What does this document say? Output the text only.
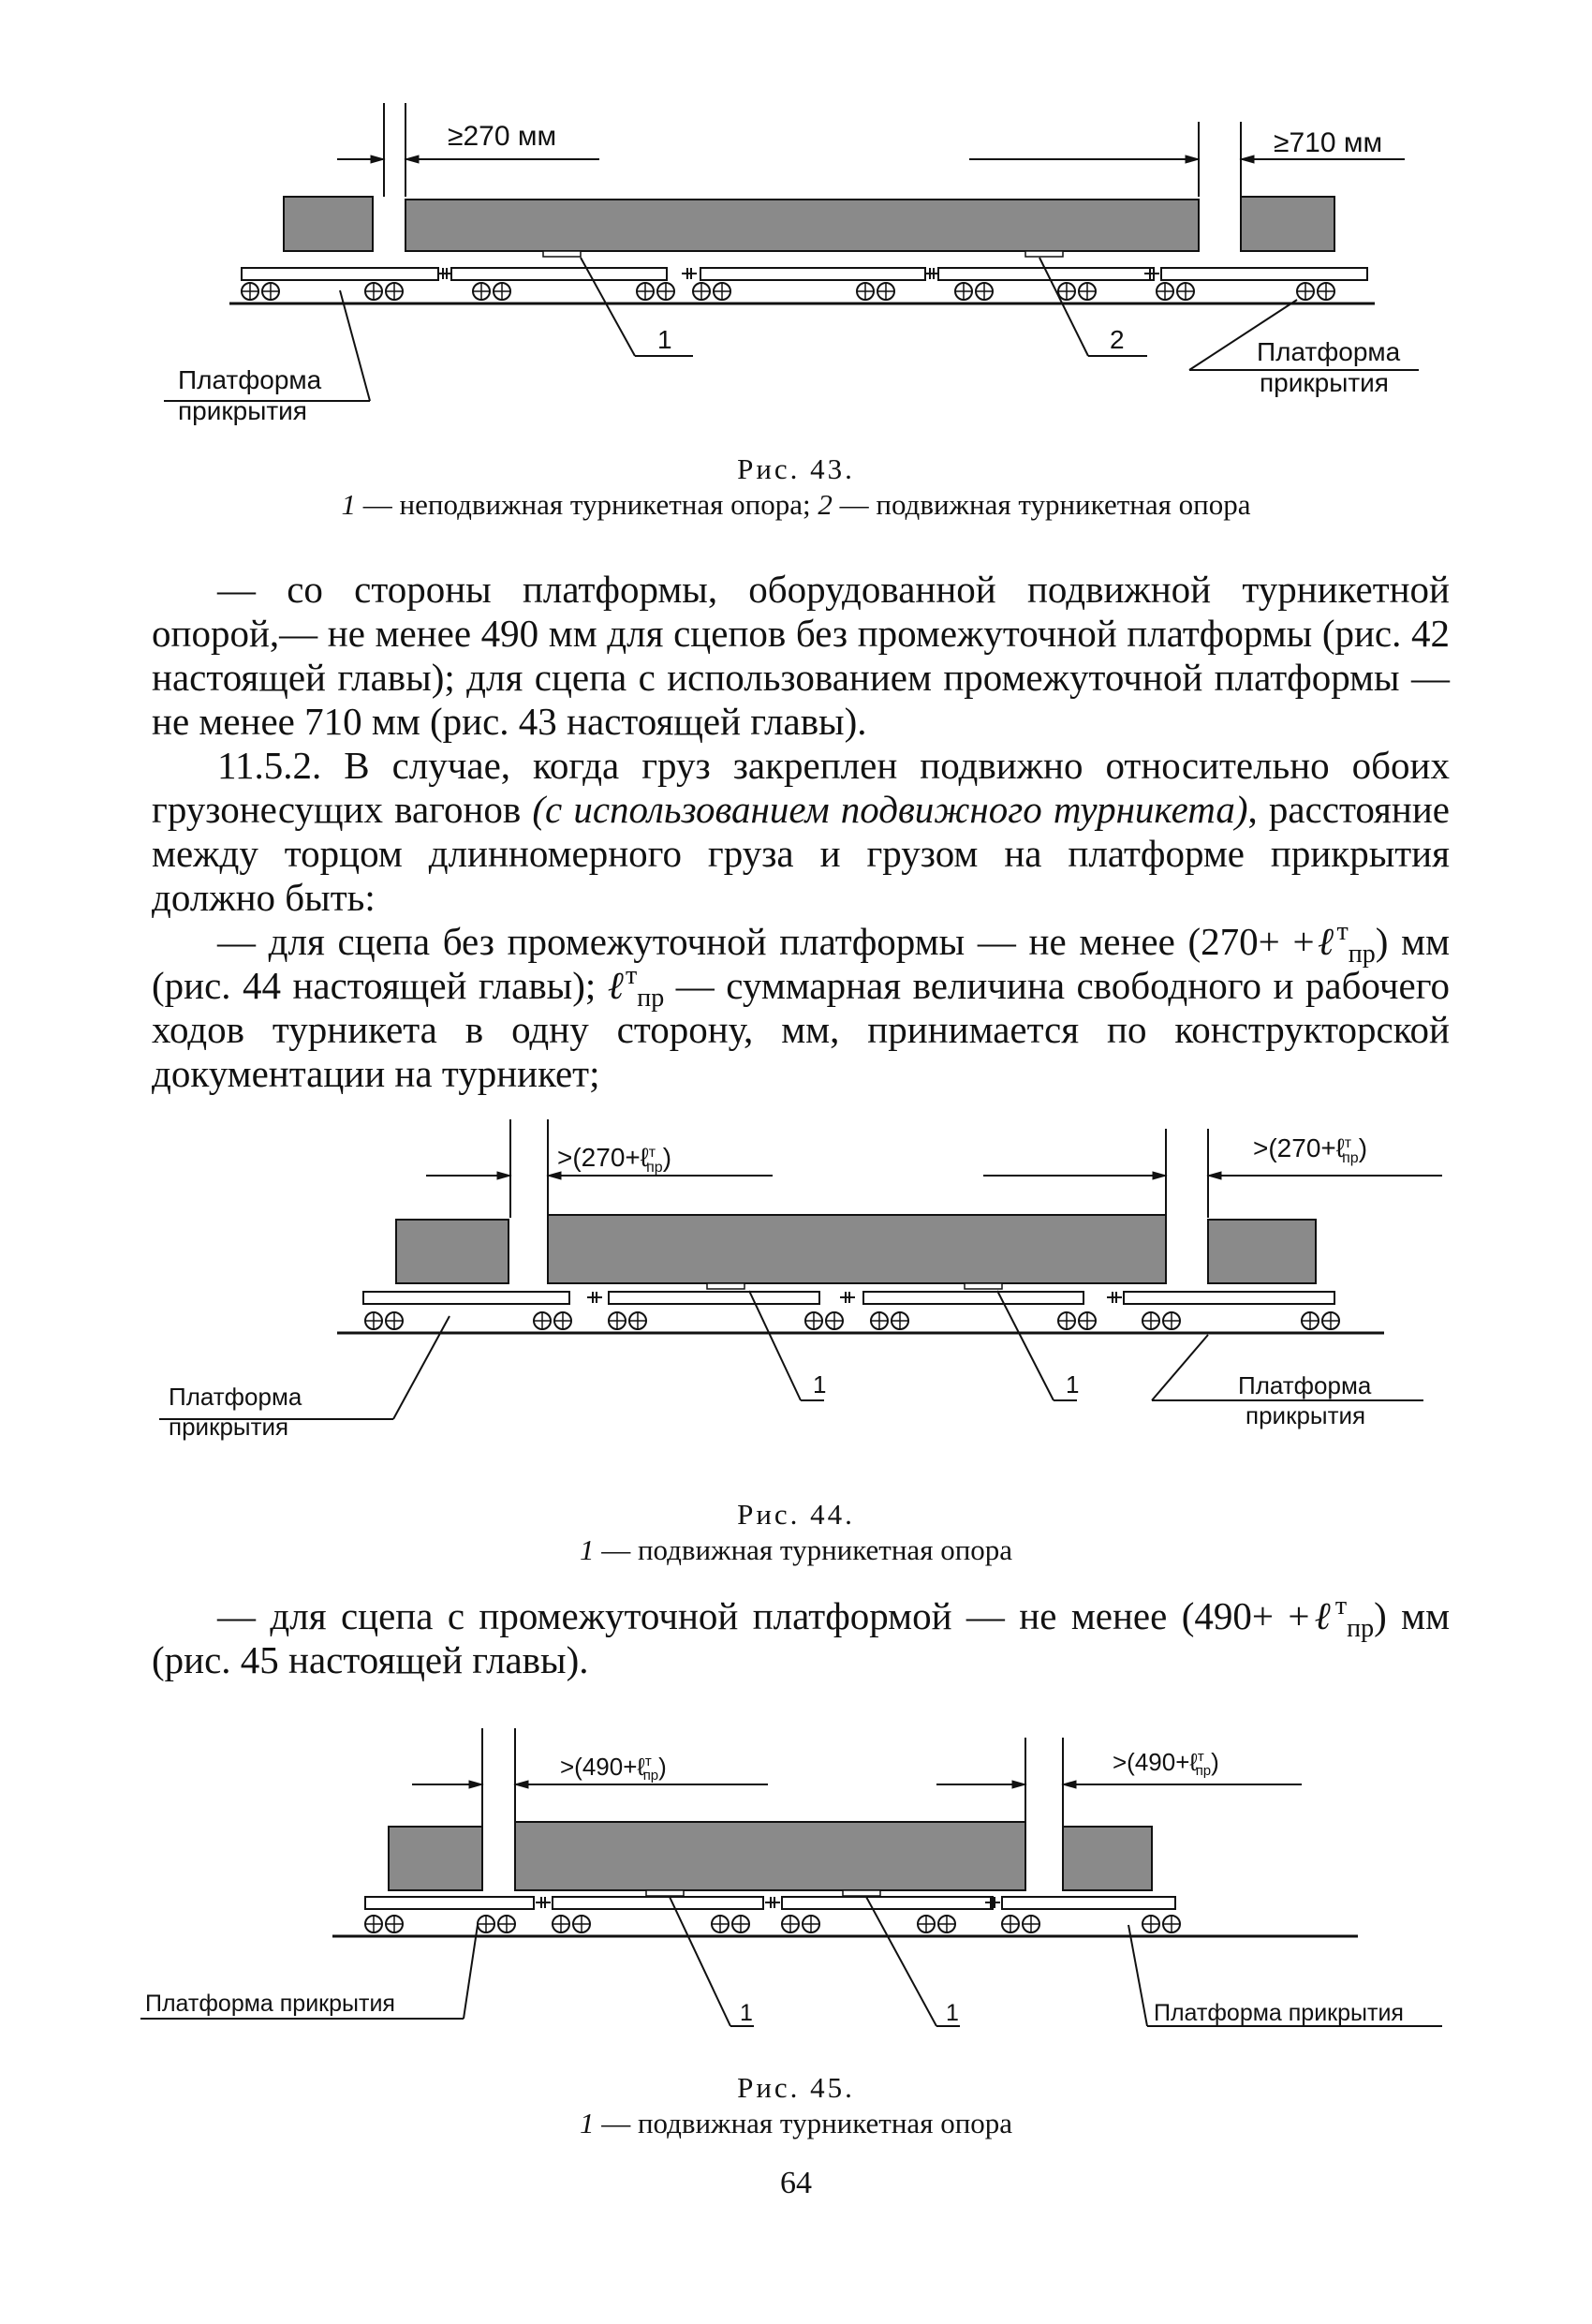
≥270 мм	≥710 мм
Платформа
прикрытия
Платформа
прикрытия
1	2
Рис. 43.
1 — неподвижная турникетная опора; 2 — подвижная турникетная опора

— со стороны платформы, оборудованной подвижной турникетной опорой,— не менее 490 мм для сцепов без промежуточной платформы (рис. 42 настоящей главы); для сцепа с использованием промежуточной платформы — не менее 710 мм (рис. 43 настоящей главы).

11.5.2. В случае, когда груз закреплен подвижно относительно обоих грузонесущих вагонов (с использованием подвижного турникета), расстояние между торцом длинномерного груза и грузом на платформе прикрытия должно быть:

— для сцепа без промежуточной платформы — не менее (270+ +ℓ$^т_{пр}$) мм (рис. 44 настоящей главы); ℓ$^т_{пр}$ — суммарная величина свободного и рабочего ходов турникета в одну сторону, мм, принимается по конструкторской документации на турникет;

>(270+ℓ$^т$ пр)	>(270+ℓ$^т$ пр)
Платформа
прикрытия
Платформа
прикрытия
1	1
Рис. 44.
1 — подвижная турникетная опора

— для сцепа с промежуточной платформой — не менее (490+ +ℓ$^т_{пр}$) мм (рис. 45 настоящей главы).

>(490+ℓ$^т$ пр)	>(490+ℓ$^т$ пр)
Платформа прикрытия	Платформа прикрытия
1	1
Рис. 45.
1 — подвижная турникетная опора
64
